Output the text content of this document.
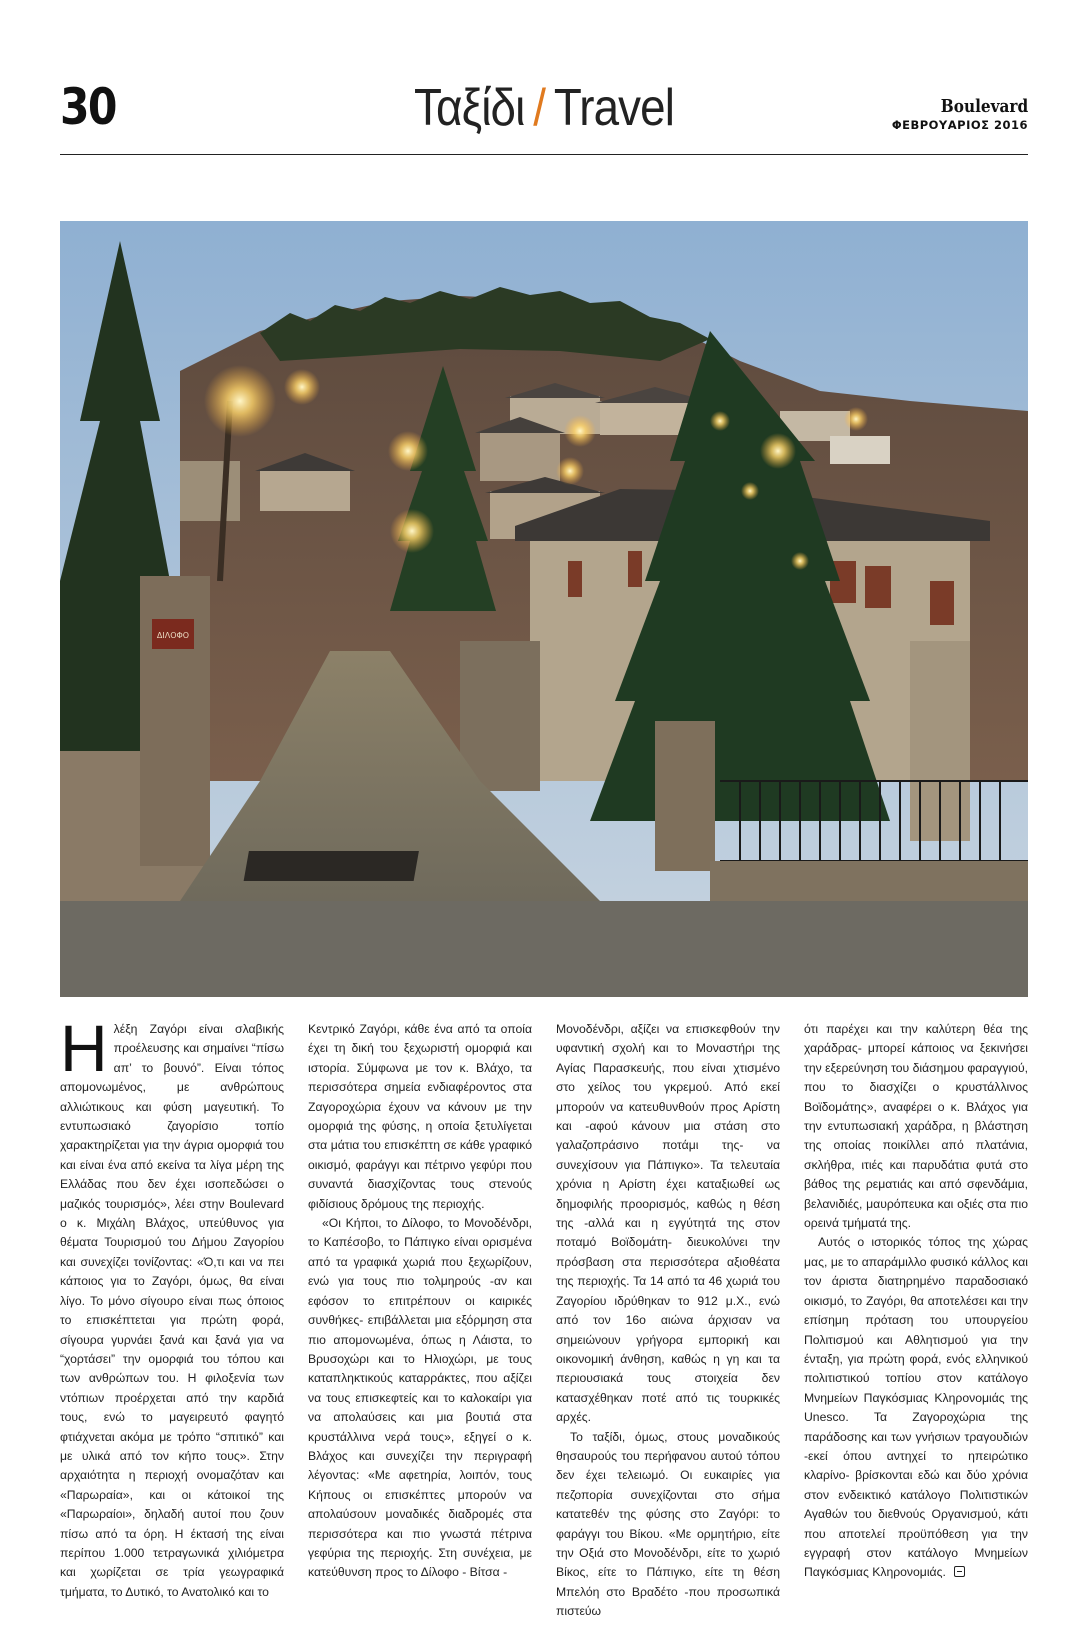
30	Ταξίδι / Travel	Boulevard
ΦΕΒΡΟΥΑΡΙΟΣ 2016
ΔΙΛΟΦΟ

Ηλέξη Ζαγόρι είναι σλαβικής προέλευσης και σημαίνει “πίσω απ’ το βουνό”. Είναι τόπος απομονωμένος, με ανθρώπους αλλιώτικους και φύση μαγευτική. Το εντυπωσιακό ζαγορίσιο τοπίο χαρακτηρίζεται για την άγρια ομορφιά του και είναι ένα από εκείνα τα λίγα μέρη της Ελλάδας που δεν έχει ισοπεδώσει ο μαζικός τουρισμός», λέει στην Boulevard ο κ. Μιχάλη Βλάχος, υπεύθυνος για θέματα Τουρισμού του Δήμου Ζαγορίου και συνεχίζει τονίζοντας: «Ό,τι και να πει κάποιος για το Ζαγόρι, όμως, θα είναι λίγο. Το μόνο σίγουρο είναι πως όποιος το επισκέπτεται για πρώτη φορά, σίγουρα γυρνάει ξανά και ξανά για να “χορτάσει” την ομορφιά του τόπου και των ανθρώπων του. Η φιλοξενία των ντόπιων προέρχεται από την καρδιά τους, ενώ το μαγειρευτό φαγητό φτιάχνεται ακόμα με τρόπο “σπιτικό” και με υλικά από τον κήπο τους». Στην αρχαιότητα η περιοχή ονομαζόταν και «Παρωραία», και οι κάτοικοί της «Παρωραίοι», δηλαδή αυτοί που ζουν πίσω από τα όρη. Η έκτασή της είναι περίπου 1.000 τετραγωνικά χιλιόμετρα και χωρίζεται σε τρία γεωγραφικά τμήματα, το Δυτικό, το Ανατολικό και το

Κεντρικό Ζαγόρι, κάθε ένα από τα οποία έχει τη δική του ξεχωριστή ομορφιά και ιστορία. Σύμφωνα με τον κ. Βλάχο, τα περισσότερα σημεία ενδιαφέροντος στα Ζαγοροχώρια έχουν να κάνουν με την ομορφιά της φύσης, η οποία ξετυλίγεται στα μάτια του επισκέπτη σε κάθε γραφικό οικισμό, φαράγγι και πέτρινο γεφύρι που συναντά διασχίζοντας τους στενούς φιδίσιους δρόμους της περιοχής.

«Οι Κήποι, το Δίλοφο, το Μονοδένδρι, το Καπέσοβο, το Πάπιγκο είναι ορισμένα από τα γραφικά χωριά που ξεχωρίζουν, ενώ για τους πιο τολμηρούς -αν και εφόσον το επιτρέπουν οι καιρικές συνθήκες- επιβάλλεται μια εξόρμηση στα πιο απομονωμένα, όπως η Λάιστα, το Βρυσοχώρι και το Ηλιοχώρι, με τους καταπληκτικούς καταρράκτες, που αξίζει να τους επισκεφτείς και το καλοκαίρι για να απολαύσεις και μια βουτιά στα κρυστάλλινα νερά τους», εξηγεί ο κ. Βλάχος και συνεχίζει την περιγραφή λέγοντας: «Με αφετηρία, λοιπόν, τους Κήπους οι επισκέπτες μπορούν να απολαύσουν μοναδικές διαδρομές στα περισσότερα και πιο γνωστά πέτρινα γεφύρια της περιοχής. Στη συνέχεια, με κατεύθυνση προς το Δίλοφο - Βίτσα -

Μονοδένδρι, αξίζει να επισκεφθούν την υφαντική σχολή και το Μοναστήρι της Αγίας Παρασκευής, που είναι χτισμένο στο χείλος του γκρεμού. Από εκεί μπορούν να κατευθυνθούν προς Αρίστη και -αφού κάνουν μια στάση στο γαλαζοπράσινο ποτάμι της- να συνεχίσουν για Πάπιγκο». Τα τελευταία χρόνια η Αρίστη έχει καταξιωθεί ως δημοφιλής προορισμός, καθώς η θέση της -αλλά και η εγγύτητά της στον ποταμό Βοϊδομάτη- διευκολύνει την πρόσβαση στα περισσότερα αξιοθέατα της περιοχής. Τα 14 από τα 46 χωριά του Ζαγορίου ιδρύθηκαν το 912 μ.Χ., ενώ από τον 16ο αιώνα άρχισαν να σημειώνουν γρήγορα εμπορική και οικονομική άνθηση, καθώς η γη και τα περιουσιακά τους στοιχεία δεν κατασχέθηκαν ποτέ από τις τουρκικές αρχές.

Το ταξίδι, όμως, στους μοναδικούς θησαυρούς του περήφανου αυτού τόπου δεν έχει τελειωμό. Οι ευκαιρίες για πεζοπορία συνεχίζονται στο σήμα κατατεθέν της φύσης στο Ζαγόρι: το φαράγγι του Βίκου. «Με ορμητήριο, είτε την Οξιά στο Μονοδένδρι, είτε το χωριό Βίκος, είτε το Πάπιγκο, είτε τη θέση Μπελόη στο Βραδέτο -που προσωπικά πιστεύω

ότι παρέχει και την καλύτερη θέα της χαράδρας- μπορεί κάποιος να ξεκινήσει την εξερεύνηση του διάσημου φαραγγιού, που το διασχίζει ο κρυστάλλινος Βοϊδομάτης», αναφέρει ο κ. Βλάχος για την εντυπωσιακή χαράδρα, η βλάστηση της οποίας ποικίλλει από πλατάνια, σκλήθρα, ιτιές και παρυδάτια φυτά στο βάθος της ρεματιάς και από σφενδάμια, βελανιδιές, μαυρόπευκα και οξιές στα πιο ορεινά τμήματά της.

Αυτός ο ιστορικός τόπος της χώρας μας, με το απαράμιλλο φυσικό κάλλος και τον άριστα διατηρημένο παραδοσιακό οικισμό, το Ζαγόρι, θα αποτελέσει και την επίσημη πρόταση του υπουργείου Πολιτισμού και Αθλητισμού για την ένταξη, για πρώτη φορά, ενός ελληνικού πολιτιστικού τοπίου στον κατάλογο Μνημείων Παγκόσμιας Κληρονομιάς της Unesco. Τα Ζαγοροχώρια της παράδοσης και των γνήσιων τραγουδιών -εκεί όπου αντηχεί το ηπειρώτικο κλαρίνο- βρίσκονται εδώ και δύο χρόνια στον ενδεικτικό κατάλογο Πολιτιστικών Αγαθών του διεθνούς Οργανισμού, κάτι που αποτελεί προϋπόθεση για την εγγραφή στον κατάλογο Μνημείων Παγκόσμιας Κληρονομιάς.
